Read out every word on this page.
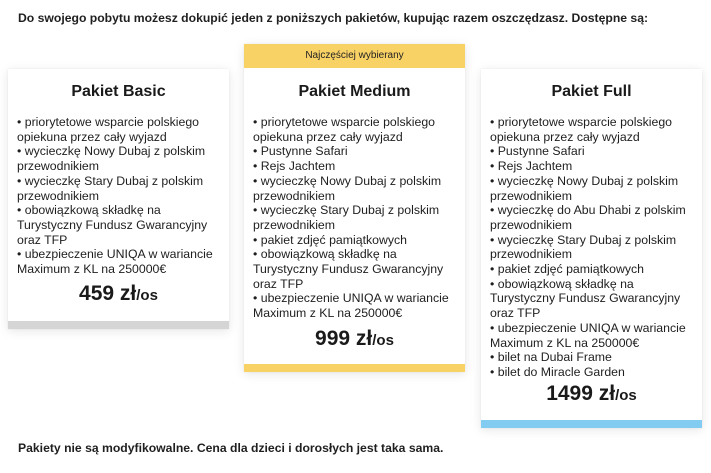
Do swojego pobytu możesz dokupić jeden z poniższych pakietów, kupując razem oszczędzasz. Dostępne są:
Pakiet Basic
• priorytetowe wsparcie polskiego opiekuna przez cały wyjazd
• wycieczkę Nowy Dubaj z polskim przewodnikiem
• wycieczkę Stary Dubaj z polskim przewodnikiem
• obowiązkową składkę na Turystyczny Fundusz Gwarancyjny oraz TFP
• ubezpieczenie UNIQA w wariancie Maximum z KL na 250000€
459 zł/os
Najczęściej wybierany
Pakiet Medium
• priorytetowe wsparcie polskiego opiekuna przez cały wyjazd
• Pustynne Safari
• Rejs Jachtem
• wycieczkę Nowy Dubaj z polskim przewodnikiem
• wycieczkę Stary Dubaj z polskim przewodnikiem
• pakiet zdjęć pamiątkowych
• obowiązkową składkę na Turystyczny Fundusz Gwarancyjny oraz TFP
• ubezpieczenie UNIQA w wariancie Maximum z KL na 250000€
999 zł/os
Pakiet Full
• priorytetowe wsparcie polskiego opiekuna przez cały wyjazd
• Pustynne Safari
• Rejs Jachtem
• wycieczkę Nowy Dubaj z polskim przewodnikiem
• wycieczkę do Abu Dhabi z polskim przewodnikiem
• wycieczkę Stary Dubaj z polskim przewodnikiem
• pakiet zdjęć pamiątkowych
• obowiązkową składkę na Turystyczny Fundusz Gwarancyjny oraz TFP
• ubezpieczenie UNIQA w wariancie Maximum z KL na 250000€
• bilet na Dubai Frame
• bilet do Miracle Garden
1499 zł/os
Pakiety nie są modyfikowalne. Cena dla dzieci i dorosłych jest taka sama.
